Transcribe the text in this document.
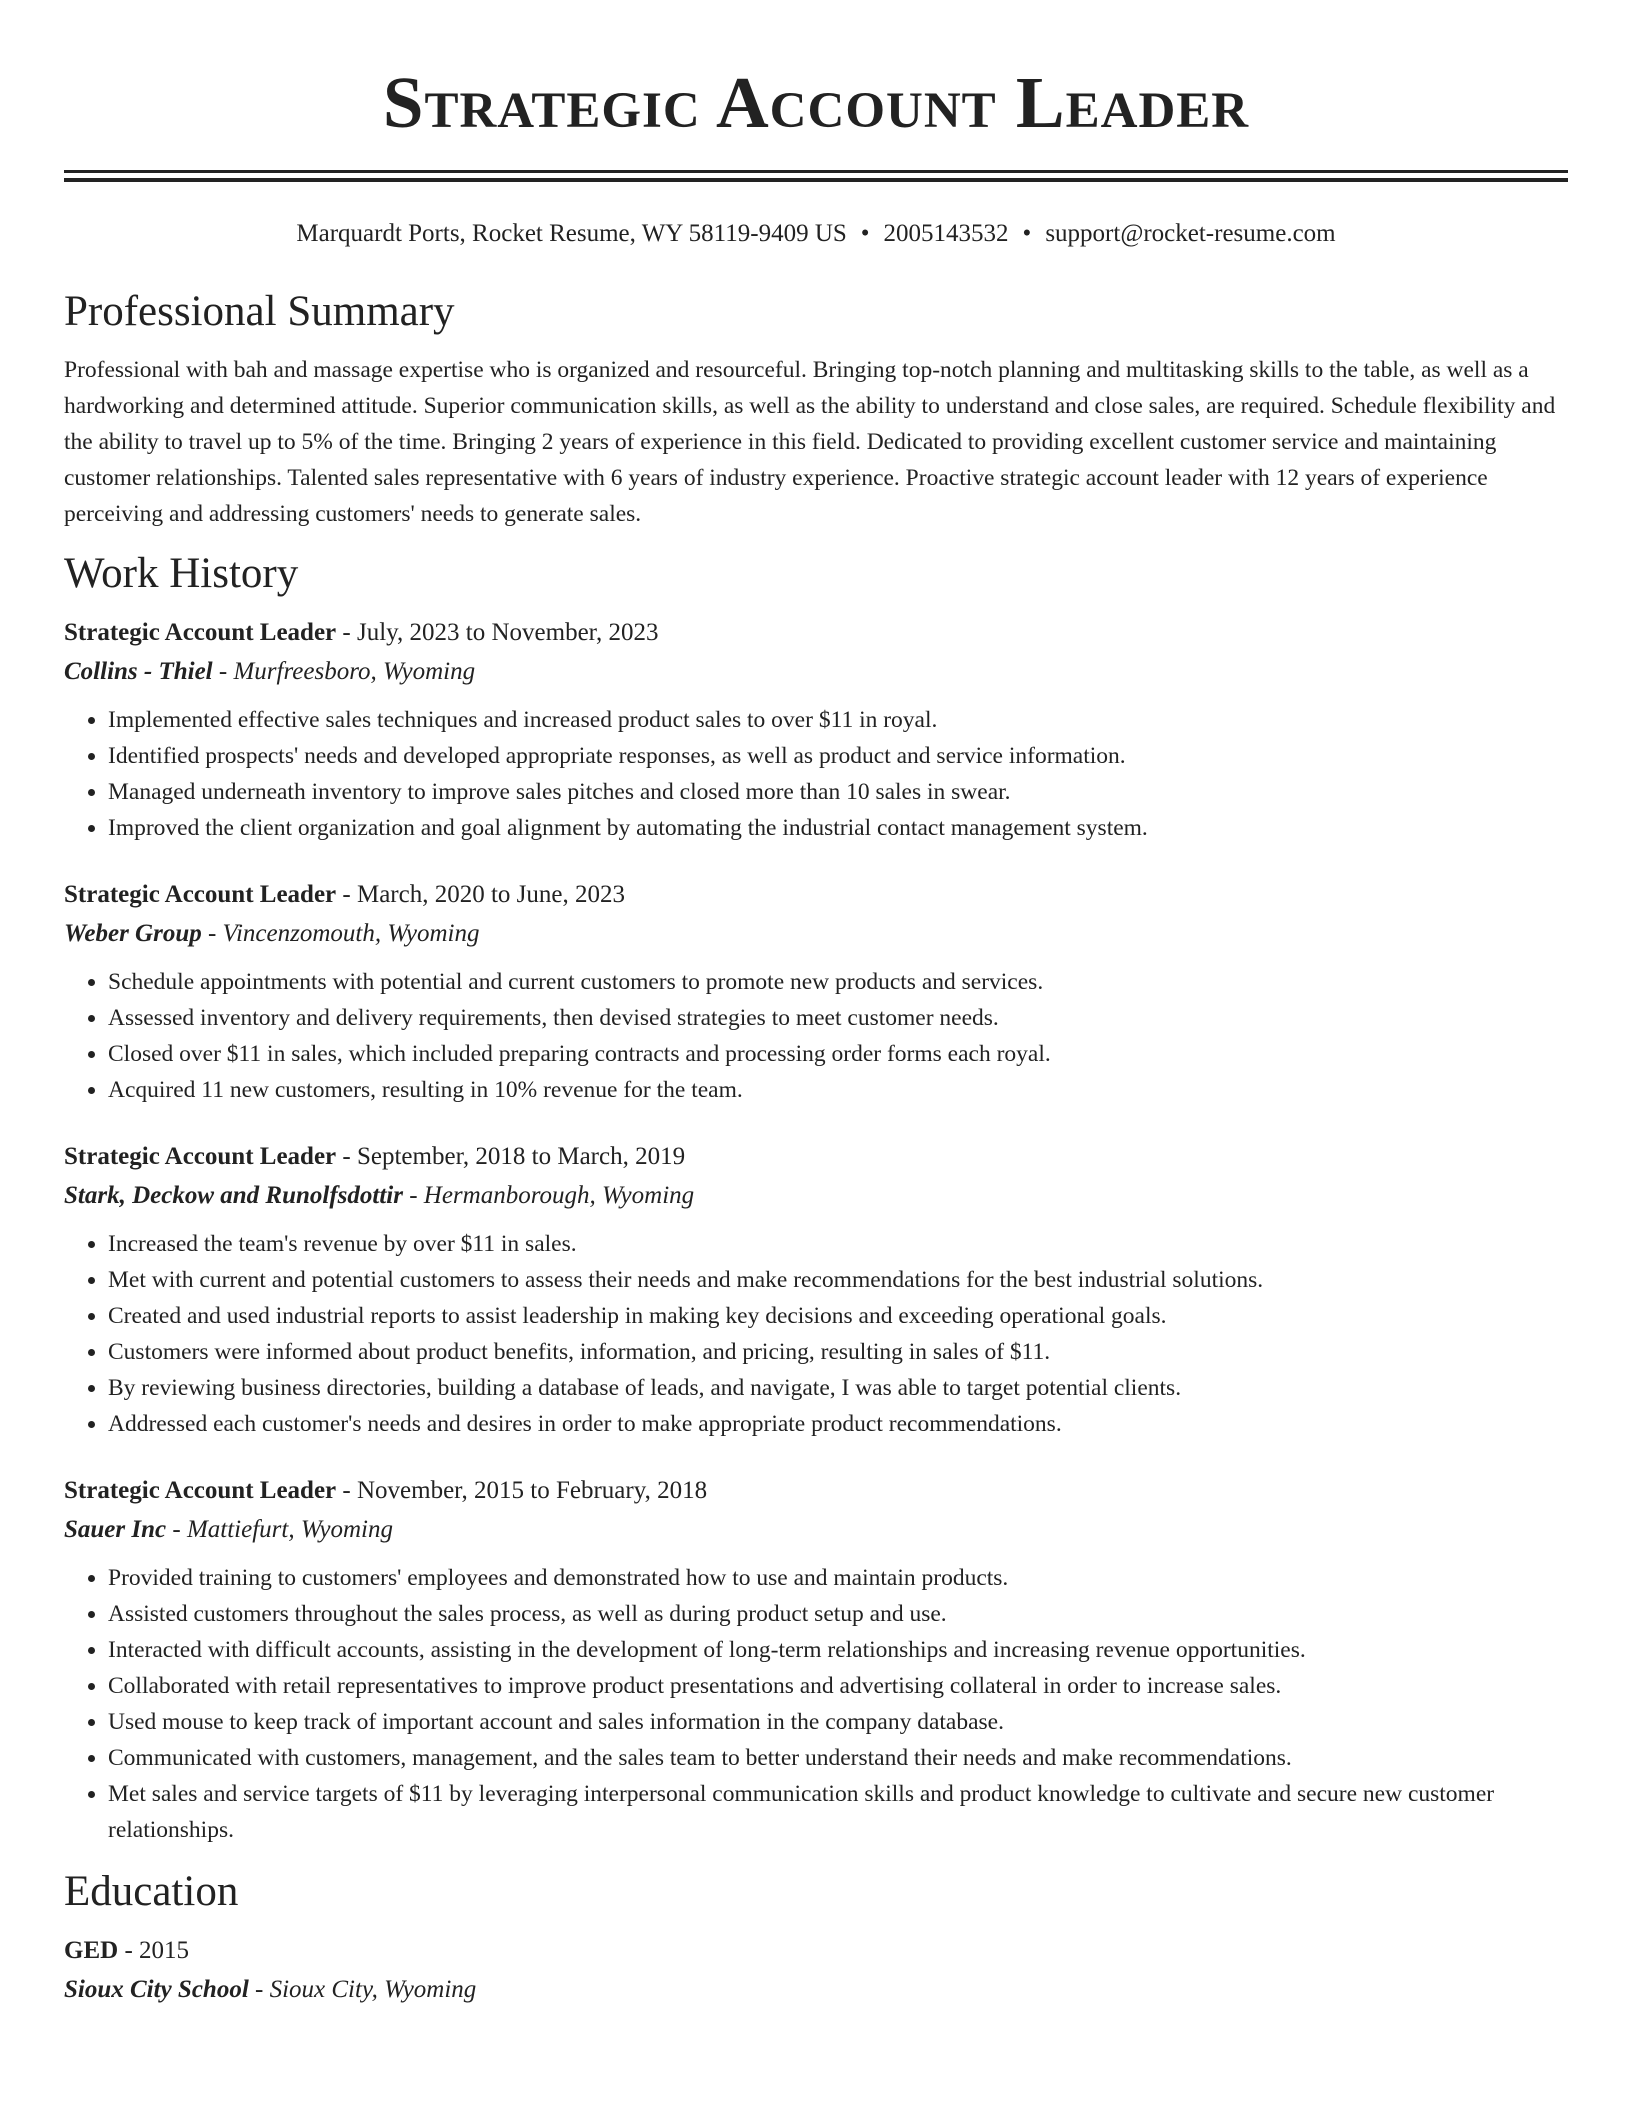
Strategic Account Leader
Marquardt Ports, Rocket Resume, WY 58119-9409 US • 2005143532 • support@rocket-resume.com
Professional Summary
Professional with bah and massage expertise who is organized and resourceful. Bringing top-notch planning and multitasking skills to the table, as well as a hardworking and determined attitude. Superior communication skills, as well as the ability to understand and close sales, are required. Schedule flexibility and the ability to travel up to 5% of the time. Bringing 2 years of experience in this field. Dedicated to providing excellent customer service and maintaining customer relationships. Talented sales representative with 6 years of industry experience. Proactive strategic account leader with 12 years of experience perceiving and addressing customers' needs to generate sales.
Work History
Strategic Account Leader - July, 2023 to November, 2023
Collins - Thiel - Murfreesboro, Wyoming
• Implemented effective sales techniques and increased product sales to over $11 in royal.
• Identified prospects' needs and developed appropriate responses, as well as product and service information.
• Managed underneath inventory to improve sales pitches and closed more than 10 sales in swear.
• Improved the client organization and goal alignment by automating the industrial contact management system.
Strategic Account Leader - March, 2020 to June, 2023
Weber Group - Vincenzomouth, Wyoming
• Schedule appointments with potential and current customers to promote new products and services.
• Assessed inventory and delivery requirements, then devised strategies to meet customer needs.
• Closed over $11 in sales, which included preparing contracts and processing order forms each royal.
• Acquired 11 new customers, resulting in 10% revenue for the team.
Strategic Account Leader - September, 2018 to March, 2019
Stark, Deckow and Runolfsdottir - Hermanborough, Wyoming
• Increased the team's revenue by over $11 in sales.
• Met with current and potential customers to assess their needs and make recommendations for the best industrial solutions.
• Created and used industrial reports to assist leadership in making key decisions and exceeding operational goals.
• Customers were informed about product benefits, information, and pricing, resulting in sales of $11.
• By reviewing business directories, building a database of leads, and navigate, I was able to target potential clients.
• Addressed each customer's needs and desires in order to make appropriate product recommendations.
Strategic Account Leader - November, 2015 to February, 2018
Sauer Inc - Mattiefurt, Wyoming
• Provided training to customers' employees and demonstrated how to use and maintain products.
• Assisted customers throughout the sales process, as well as during product setup and use.
• Interacted with difficult accounts, assisting in the development of long-term relationships and increasing revenue opportunities.
• Collaborated with retail representatives to improve product presentations and advertising collateral in order to increase sales.
• Used mouse to keep track of important account and sales information in the company database.
• Communicated with customers, management, and the sales team to better understand their needs and make recommendations.
• Met sales and service targets of $11 by leveraging interpersonal communication skills and product knowledge to cultivate and secure new customer relationships.
Education
GED - 2015
Sioux City School - Sioux City, Wyoming
